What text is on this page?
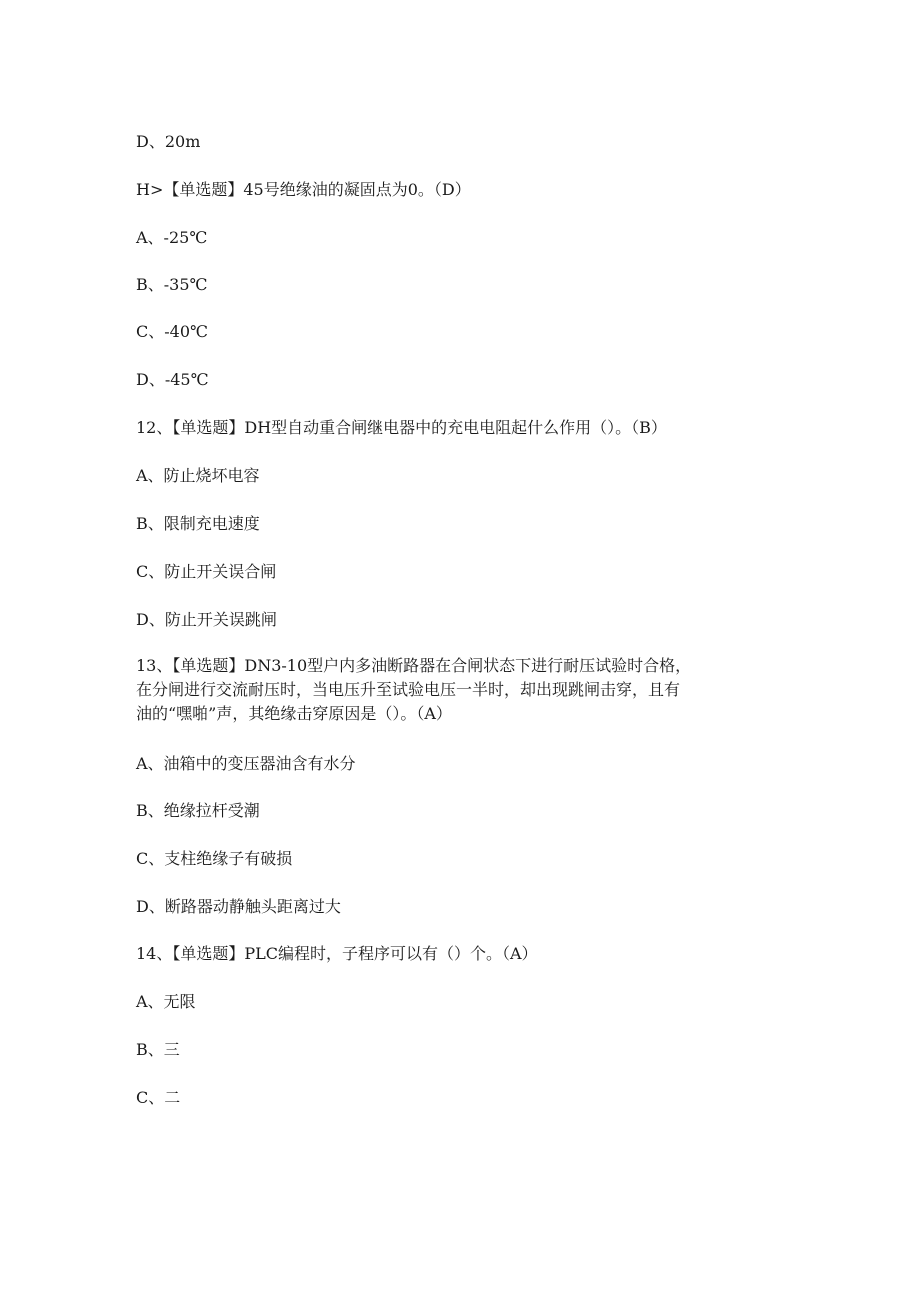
D、20m
H>【单选题】45号绝缘油的凝固点为0。（D）
A、-25℃
B、-35℃
C、-40℃
D、-45℃
12、【单选题】DH型自动重合闸继电器中的充电电阻起什么作用（）。（B）
A、防止烧坏电容
B、限制充电速度
C、防止开关误合闸
D、防止开关误跳闸
13、【单选题】DN3-10型户内多油断路器在合闸状态下进行耐压试验时合格，
在分闸进行交流耐压时，当电压升至试验电压一半时，却出现跳闸击穿，且有
油的“嘿啪”声，其绝缘击穿原因是（）。（A）
A、油箱中的变压器油含有水分
B、绝缘拉杆受潮
C、支柱绝缘子有破损
D、断路器动静触头距离过大
14、【单选题】PLC编程时，子程序可以有（）个。（A）
A、无限
B、三
C、二
